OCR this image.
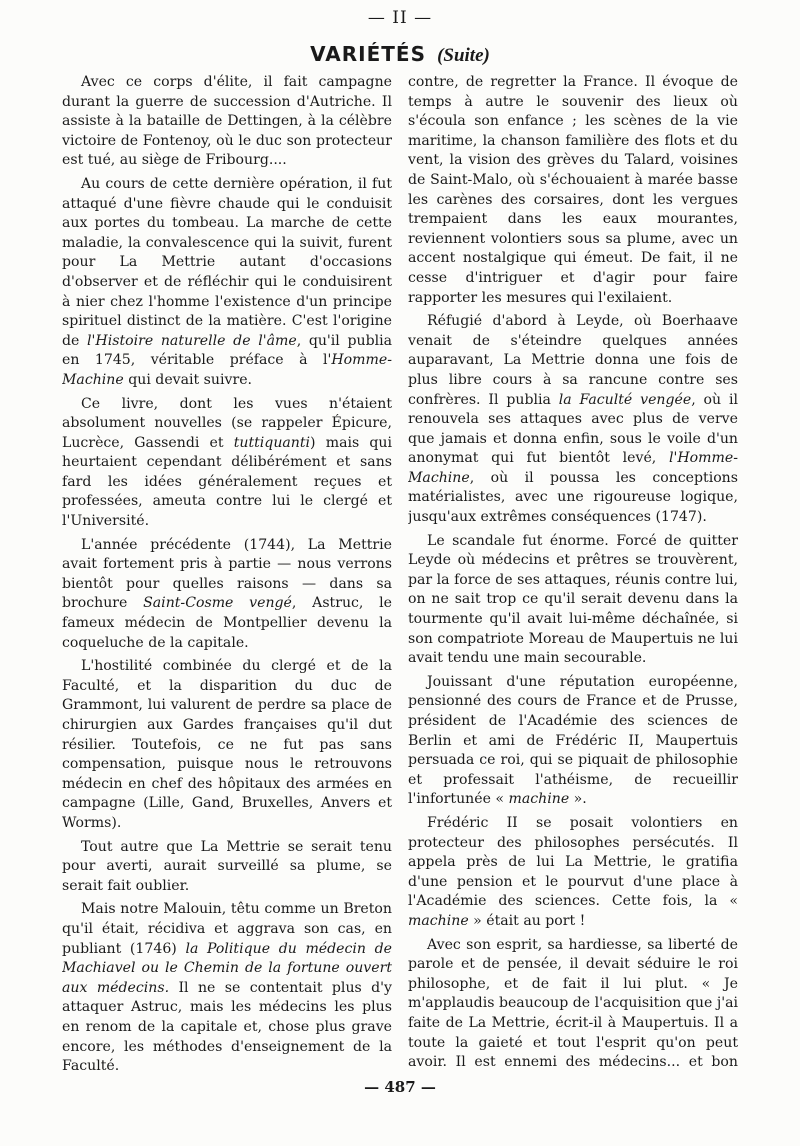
— II —
VARIÉTÉS (Suite)

Avec ce corps d'élite, il fait campagne durant la guerre de succession d'Autriche. Il assiste à la bataille de Dettingen, à la célèbre victoire de Fontenoy, où le duc son protecteur est tué, au siège de Fribourg....

Au cours de cette dernière opération, il fut attaqué d'une fièvre chaude qui le conduisit aux portes du tombeau. La marche de cette maladie, la convalescence qui la suivit, furent pour La Mettrie autant d'occasions d'observer et de réfléchir qui le conduisirent à nier chez l'homme l'existence d'un principe spirituel distinct de la matière. C'est l'origine de l'Histoire naturelle de l'âme, qu'il publia en 1745, véritable préface à l'Homme-Machine qui devait suivre.

Ce livre, dont les vues n'étaient absolument nouvelles (se rappeler Épicure, Lucrèce, Gassendi et tuttiquanti) mais qui heurtaient cependant délibérément et sans fard les idées généralement reçues et professées, ameuta contre lui le clergé et l'Université.

L'année précédente (1744), La Mettrie avait fortement pris à partie — nous verrons bientôt pour quelles raisons — dans sa brochure Saint-Cosme vengé, Astruc, le fameux médecin de Montpellier devenu la coqueluche de la capitale.

L'hostilité combinée du clergé et de la Faculté, et la disparition du duc de Grammont, lui valurent de perdre sa place de chirurgien aux Gardes françaises qu'il dut résilier. Toutefois, ce ne fut pas sans compensation, puisque nous le retrouvons médecin en chef des hôpitaux des armées en campagne (Lille, Gand, Bruxelles, Anvers et Worms).

Tout autre que La Mettrie se serait tenu pour averti, aurait surveillé sa plume, se serait fait oublier.

Mais notre Malouin, têtu comme un Breton qu'il était, récidiva et aggrava son cas, en publiant (1746) la Politique du médecin de Machiavel ou le Chemin de la fortune ouvert aux médecins. Il ne se contentait plus d'y attaquer Astruc, mais les médecins les plus en renom de la capitale et, chose plus grave encore, les méthodes d'enseignement de la Faculté.

contre, de regretter la France. Il évoque de temps à autre le souvenir des lieux où s'écoula son enfance ; les scènes de la vie maritime, la chanson familière des flots et du vent, la vision des grèves du Talard, voisines de Saint-Malo, où s'échouaient à marée basse les carènes des corsaires, dont les vergues trempaient dans les eaux mourantes, reviennent volontiers sous sa plume, avec un accent nostalgique qui émeut. De fait, il ne cesse d'intriguer et d'agir pour faire rapporter les mesures qui l'exilaient.

Réfugié d'abord à Leyde, où Boerhaave venait de s'éteindre quelques années auparavant, La Mettrie donna une fois de plus libre cours à sa rancune contre ses confrères. Il publia la Faculté vengée, où il renouvela ses attaques avec plus de verve que jamais et donna enfin, sous le voile d'un anonymat qui fut bientôt levé, l'Homme-Machine, où il poussa les conceptions matérialistes, avec une rigoureuse logique, jusqu'aux extrêmes conséquences (1747).

Le scandale fut énorme. Forcé de quitter Leyde où médecins et prêtres se trouvèrent, par la force de ses attaques, réunis contre lui, on ne sait trop ce qu'il serait devenu dans la tourmente qu'il avait lui-même déchaînée, si son compatriote Moreau de Maupertuis ne lui avait tendu une main secourable.

Jouissant d'une réputation européenne, pensionné des cours de France et de Prusse, président de l'Académie des sciences de Berlin et ami de Frédéric II, Maupertuis persuada ce roi, qui se piquait de philosophie et professait l'athéisme, de recueillir l'infortunée « machine ».

Frédéric II se posait volontiers en protecteur des philosophes persécutés. Il appela près de lui La Mettrie, le gratifia d'une pension et le pourvut d'une place à l'Académie des sciences. Cette fois, la « machine » était au port !

Avec son esprit, sa hardiesse, sa liberté de parole et de pensée, il devait séduire le roi philosophe, et de fait il lui plut. « Je m'applaudis beaucoup de l'acquisition que j'ai faite de La Mettrie, écrit-il à Maupertuis. Il a toute la gaieté et tout l'esprit qu'on peut avoir. Il est ennemi des médecins... et bon

— 487 —
